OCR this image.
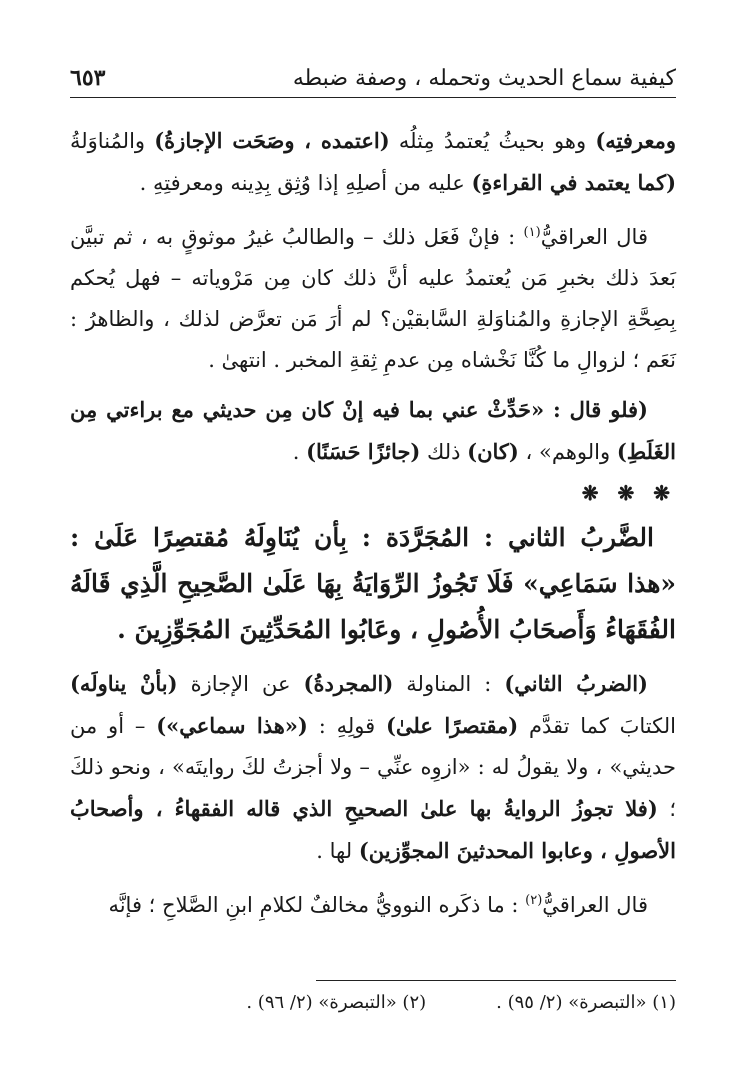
كيفية سماع الحديث وتحمله ، وصفة ضبطه
٦٥٣

ومعرفتِه) وهو بحيثُ يُعتمدُ مِثلُه (اعتمده ، وصَحَت الإجازةُ) والمُناوَلةُ (كما يعتمد في القراءةِ) عليه من أصلِهِ إذا وُثِق بِدِينه ومعرفتِهِ .

قال العراقيُّ$^{(١)}$ : فإنْ فَعَل ذلك – والطالبُ غيرُ موثوقٍ به ، ثم تبيَّن بَعدَ ذلك بخبرِ مَن يُعتمدُ عليه أنَّ ذلك كان مِن مَرْوياته – فهل يُحكم بِصِحَّةِ الإجازةِ والمُناوَلةِ السَّابقيْن؟ لم أرَ مَن تعرَّض لذلك ، والظاهرُ : نَعَم ؛ لزوالِ ما كُنَّا نَخْشاه مِن عدمِ ثِقةِ المخبر . انتهىٰ .

(فلو قال : «حَدِّثْ عني بما فيه إنْ كان مِن حديثي مع براءتي مِن الغَلَطِ) والوهم» ، (كان) ذلك (جائزًا حَسَنًا) .

❋ ❋ ❋

الضَّربُ الثاني : المُجَرَّدَة : بِأن يُنَاوِلَهُ مُقتصِرًا عَلَىٰ : «هذا سَمَاعِي» فَلَا تَجُوزُ الرِّوَايَةُ بِهَا عَلَىٰ الصَّحِيحِ الَّذِي قَالَهُ الفُقَهَاءُ وَأَصحَابُ الأُصُولِ ، وعَابُوا المُحَدِّثِينَ المُجَوِّزِينَ .

(الضربُ الثاني) : المناولة (المجردةُ) عن الإجازة (بأنْ يناولَه) الكتابَ كما تقدَّم (مقتصرًا علىٰ) قولِهِ : («هذا سماعي») – أو من حديثي» ، ولا يقولُ له : «ازوِه عنِّي – ولا أجزتُ لكَ روايتَه» ، ونحو ذلكَ ؛ (فلا تجوزُ الروايةُ بها علىٰ الصحيحِ الذي قاله الفقهاءُ ، وأصحابُ الأصولِ ، وعابوا المحدثينَ المجوِّزين) لها .

قال العراقيُّ$^{(٢)}$ : ما ذكَره النوويُّ مخالفٌ لكلامِ ابنِ الصَّلاحِ ؛ فإنَّه

(١) «التبصرة» (٢/ ٩٥) .
(٢) «التبصرة» (٢/ ٩٦) .
